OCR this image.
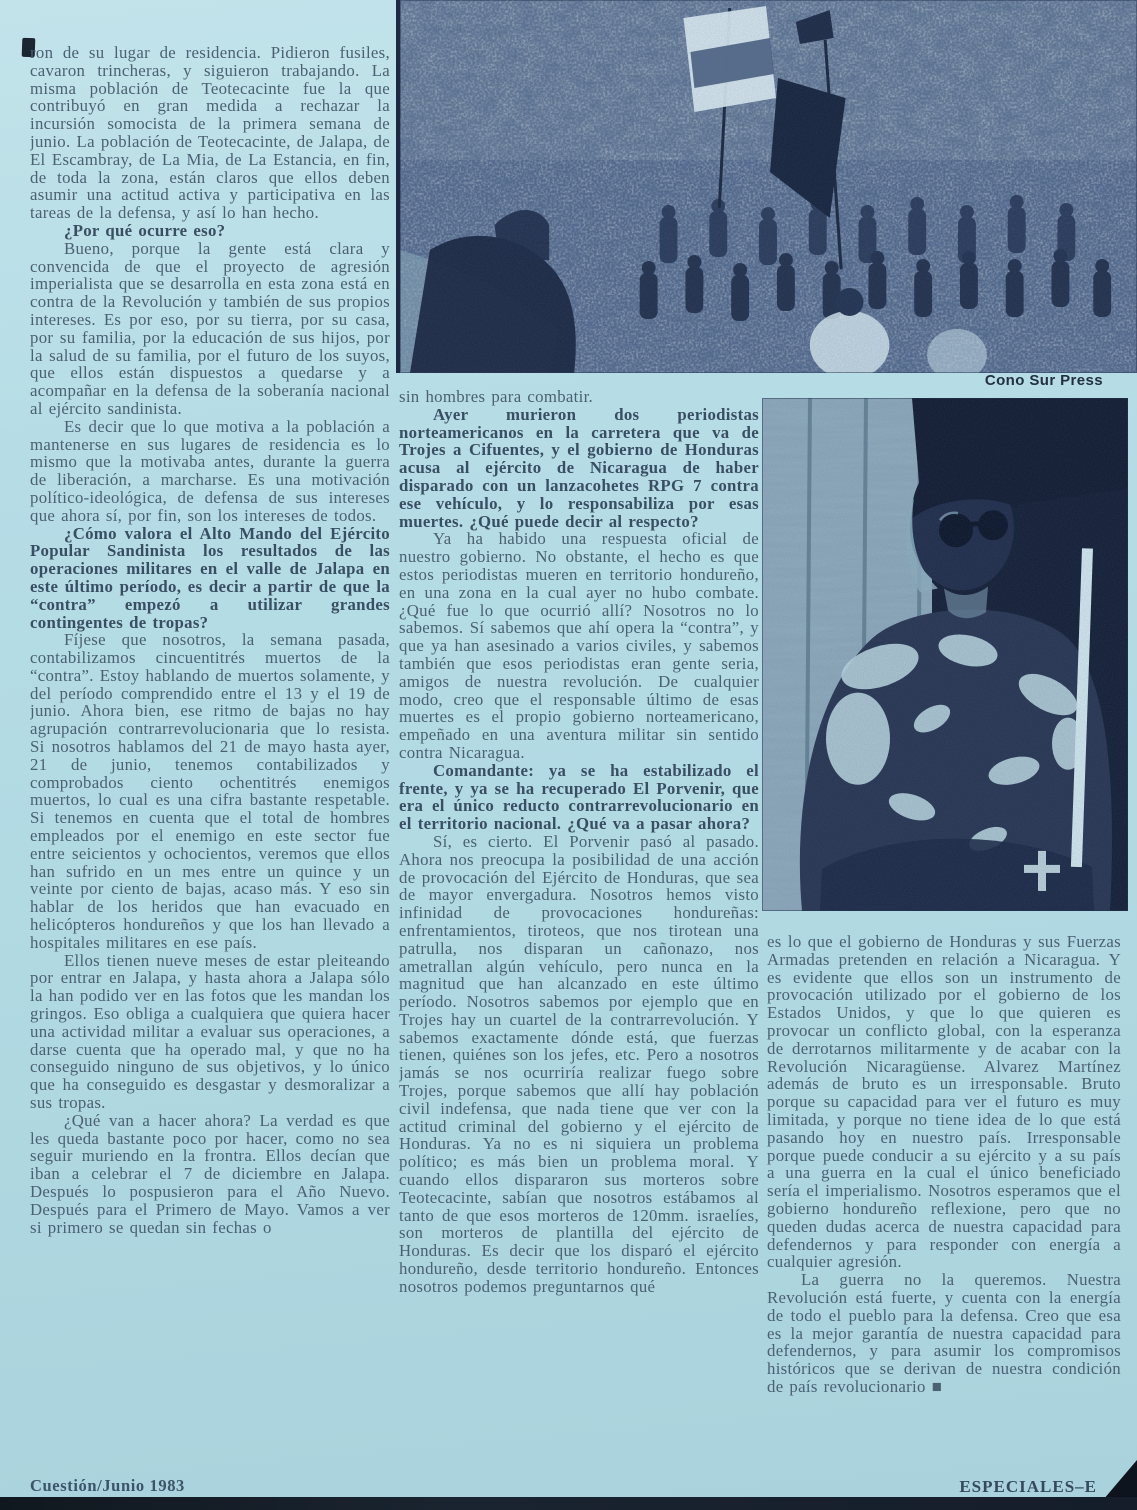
Cono Sur Press

ron de su lugar de residencia. Pidieron fusiles, cavaron trincheras, y siguieron trabajando. La misma población de Teotecacinte fue la que contribuyó en gran medida a rechazar la incursión somocista de la primera semana de junio. La población de Teotecacinte, de Jalapa, de El Escambray, de La Mia, de La Estancia, en fin, de toda la zona, están claros que ellos deben asumir una actitud activa y participativa en las tareas de la defensa, y así lo han hecho.

¿Por qué ocurre eso?

Bueno, porque la gente está clara y convencida de que el proyecto de agresión imperialista que se desarrolla en esta zona está en contra de la Revolución y también de sus propios intereses. Es por eso, por su tierra, por su casa, por su familia, por la educación de sus hijos, por la salud de su familia, por el futuro de los suyos, que ellos están dispuestos a quedarse y a acompañar en la defensa de la soberanía nacional al ejército sandinista.

Es decir que lo que motiva a la población a mantenerse en sus lugares de residencia es lo mismo que la motivaba antes, durante la guerra de liberación, a marcharse. Es una motivación político-ideológica, de defensa de sus intereses que ahora sí, por fin, son los intereses de todos.

¿Cómo valora el Alto Mando del Ejército Popular Sandinista los resultados de las operaciones militares en el valle de Jalapa en este último período, es decir a partir de que la “contra” empezó a utilizar grandes contingentes de tropas?

Fíjese que nosotros, la semana pasada, contabilizamos cincuentitrés muertos de la “contra”. Estoy hablando de muertos solamente, y del período comprendido entre el 13 y el 19 de junio. Ahora bien, ese ritmo de bajas no hay agrupación contrarrevolucionaria que lo resista. Si nosotros hablamos del 21 de mayo hasta ayer, 21 de junio, tenemos contabilizados y comprobados ciento ochentitrés enemigos muertos, lo cual es una cifra bastante respetable. Si tenemos en cuenta que el total de hombres empleados por el enemigo en este sector fue entre seicientos y ochocientos, veremos que ellos han sufrido en un mes entre un quince y un veinte por ciento de bajas, acaso más. Y eso sin hablar de los heridos que han evacuado en helicópteros hondureños y que los han llevado a hospitales militares en ese país.

Ellos tienen nueve meses de estar pleiteando por entrar en Jalapa, y hasta ahora a Jalapa sólo la han podido ver en las fotos que les mandan los gringos. Eso obliga a cualquiera que quiera hacer una actividad militar a evaluar sus operaciones, a darse cuenta que ha operado mal, y que no ha conseguido ninguno de sus objetivos, y lo único que ha conseguido es desgastar y desmoralizar a sus tropas.

¿Qué van a hacer ahora? La verdad es que les queda bastante poco por hacer, como no sea seguir muriendo en la frontra. Ellos decían que iban a celebrar el 7 de diciembre en Jalapa. Después lo pospusieron para el Año Nuevo. Después para el Primero de Mayo. Vamos a ver si primero se quedan sin fechas o

sin hombres para combatir.

Ayer murieron dos periodistas norteamericanos en la carretera que va de Trojes a Cifuentes, y el gobierno de Honduras acusa al ejército de Nicaragua de haber disparado con un lanzacohetes RPG 7 contra ese vehículo, y lo responsabiliza por esas muertes. ¿Qué puede decir al respecto?

Ya ha habido una respuesta oficial de nuestro gobierno. No obstante, el hecho es que estos periodistas mueren en territorio hondureño, en una zona en la cual ayer no hubo combate. ¿Qué fue lo que ocurrió allí? Nosotros no lo sabemos. Sí sabemos que ahí opera la “contra”, y que ya han asesinado a varios civiles, y sabemos también que esos periodistas eran gente seria, amigos de nuestra revolución. De cualquier modo, creo que el responsable último de esas muertes es el propio gobierno norteamericano, empeñado en una aventura militar sin sentido contra Nicaragua.

Comandante: ya se ha estabilizado el frente, y ya se ha recuperado El Porvenir, que era el único reducto contrarrevolucionario en el territorio nacional. ¿Qué va a pasar ahora?

Sí, es cierto. El Porvenir pasó al pasado. Ahora nos preocupa la posibilidad de una acción de provocación del Ejército de Honduras, que sea de mayor envergadura. Nosotros hemos visto infinidad de provocaciones hondureñas: enfrentamientos, tiroteos, que nos tirotean una patrulla, nos disparan un cañonazo, nos ametrallan algún vehículo, pero nunca en la magnitud que han alcanzado en este último período. Nosotros sabemos por ejemplo que en Trojes hay un cuartel de la contrarrevolución. Y sabemos exactamente dónde está, que fuerzas tienen, quiénes son los jefes, etc. Pero a nosotros jamás se nos ocurriría realizar fuego sobre Trojes, porque sabemos que allí hay población civil indefensa, que nada tiene que ver con la actitud criminal del gobierno y el ejército de Honduras. Ya no es ni siquiera un problema político; es más bien un problema moral. Y cuando ellos dispararon sus morteros sobre Teotecacinte, sabían que nosotros estábamos al tanto de que esos morteros de 120mm. israelíes, son morteros de plantilla del ejército de Honduras. Es decir que los disparó el ejército hondureño, desde territorio hondureño. Entonces nosotros podemos preguntarnos qué

es lo que el gobierno de Honduras y sus Fuerzas Armadas pretenden en relación a Nicaragua. Y es evidente que ellos son un instrumento de provocación utilizado por el gobierno de los Estados Unidos, y que lo que quieren es provocar un conflicto global, con la esperanza de derrotarnos militarmente y de acabar con la Revolución Nicaragüense. Alvarez Martínez además de bruto es un irresponsable. Bruto porque su capacidad para ver el futuro es muy limitada, y porque no tiene idea de lo que está pasando hoy en nuestro país. Irresponsable porque puede conducir a su ejército y a su país a una guerra en la cual el único beneficiado sería el imperialismo. Nosotros esperamos que el gobierno hondureño reflexione, pero que no queden dudas acerca de nuestra capacidad para defendernos y para responder con energía a cualquier agresión.

La guerra no la queremos. Nuestra Revolución está fuerte, y cuenta con la energía de todo el pueblo para la defensa. Creo que esa es la mejor garantía de nuestra capacidad para defendernos, y para asumir los compromisos históricos que se derivan de nuestra condición de país revolucionario ■

Cuestión/Junio 1983	ESPECIALES–E
